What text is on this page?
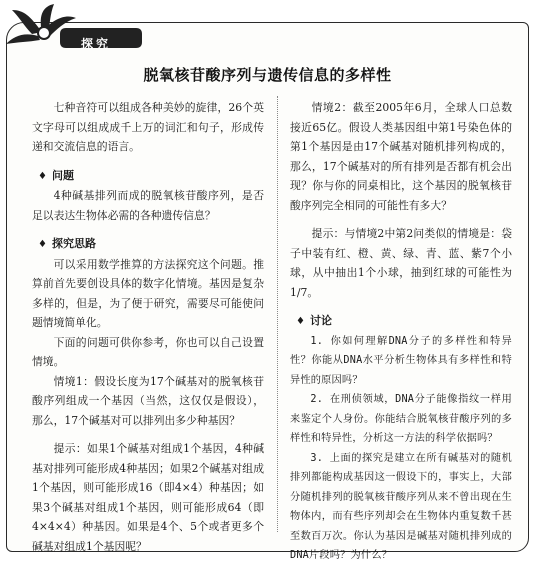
探究
脱氧核苷酸序列与遗传信息的多样性

七种音符可以组成各种美妙的旋律，26个英文字母可以组成成千上万的词汇和句子，形成传递和交流信息的语言。

♦ 问题

4种碱基排列而成的脱氧核苷酸序列，是否足以表达生物体必需的各种遗传信息？

♦ 探究思路

可以采用数学推算的方法探究这个问题。推算前首先要创设具体的数字化情境。基因是复杂多样的，但是，为了便于研究，需要尽可能使问题情境简单化。

下面的问题可供你参考，你也可以自己设置情境。

情境1：假设长度为17个碱基对的脱氧核苷酸序列组成一个基因（当然，这仅仅是假设），那么，17个碱基对可以排列出多少种基因？

提示：如果1个碱基对组成1个基因，4种碱基对排列可能形成4种基因；如果2个碱基对组成1个基因，则可能形成16（即4×4）种基因；如果3个碱基对组成1个基因，则可能形成64（即4×4×4）种基因。如果是4个、5个或者更多个碱基对组成1个基因呢？

情境2：截至2005年6月，全球人口总数接近65亿。假设人类基因组中第1号染色体的第1个基因是由17个碱基对随机排列构成的，那么，17个碱基对的所有排列是否都有机会出现？你与你的同桌相比，这个基因的脱氧核苷酸序列完全相同的可能性有多大？

提示：与情境2中第2问类似的情境是：袋子中装有红、橙、黄、绿、青、蓝、紫7个小球，从中抽出1个小球，抽到红球的可能性为1/7。

♦ 讨论

1. 你如何理解DNA分子的多样性和特异性？你能从DNA水平分析生物体具有多样性和特异性的原因吗？

2. 在刑侦领域，DNA分子能像指纹一样用来鉴定个人身份。你能结合脱氧核苷酸序列的多样性和特异性，分析这一方法的科学依据吗？

3. 上面的探究是建立在所有碱基对的随机排列都能构成基因这一假设下的，事实上，大部分随机排列的脱氧核苷酸序列从来不曾出现在生物体内，而有些序列却会在生物体内重复数千甚至数百万次。你认为基因是碱基对随机排列成的DNA片段吗？为什么？
